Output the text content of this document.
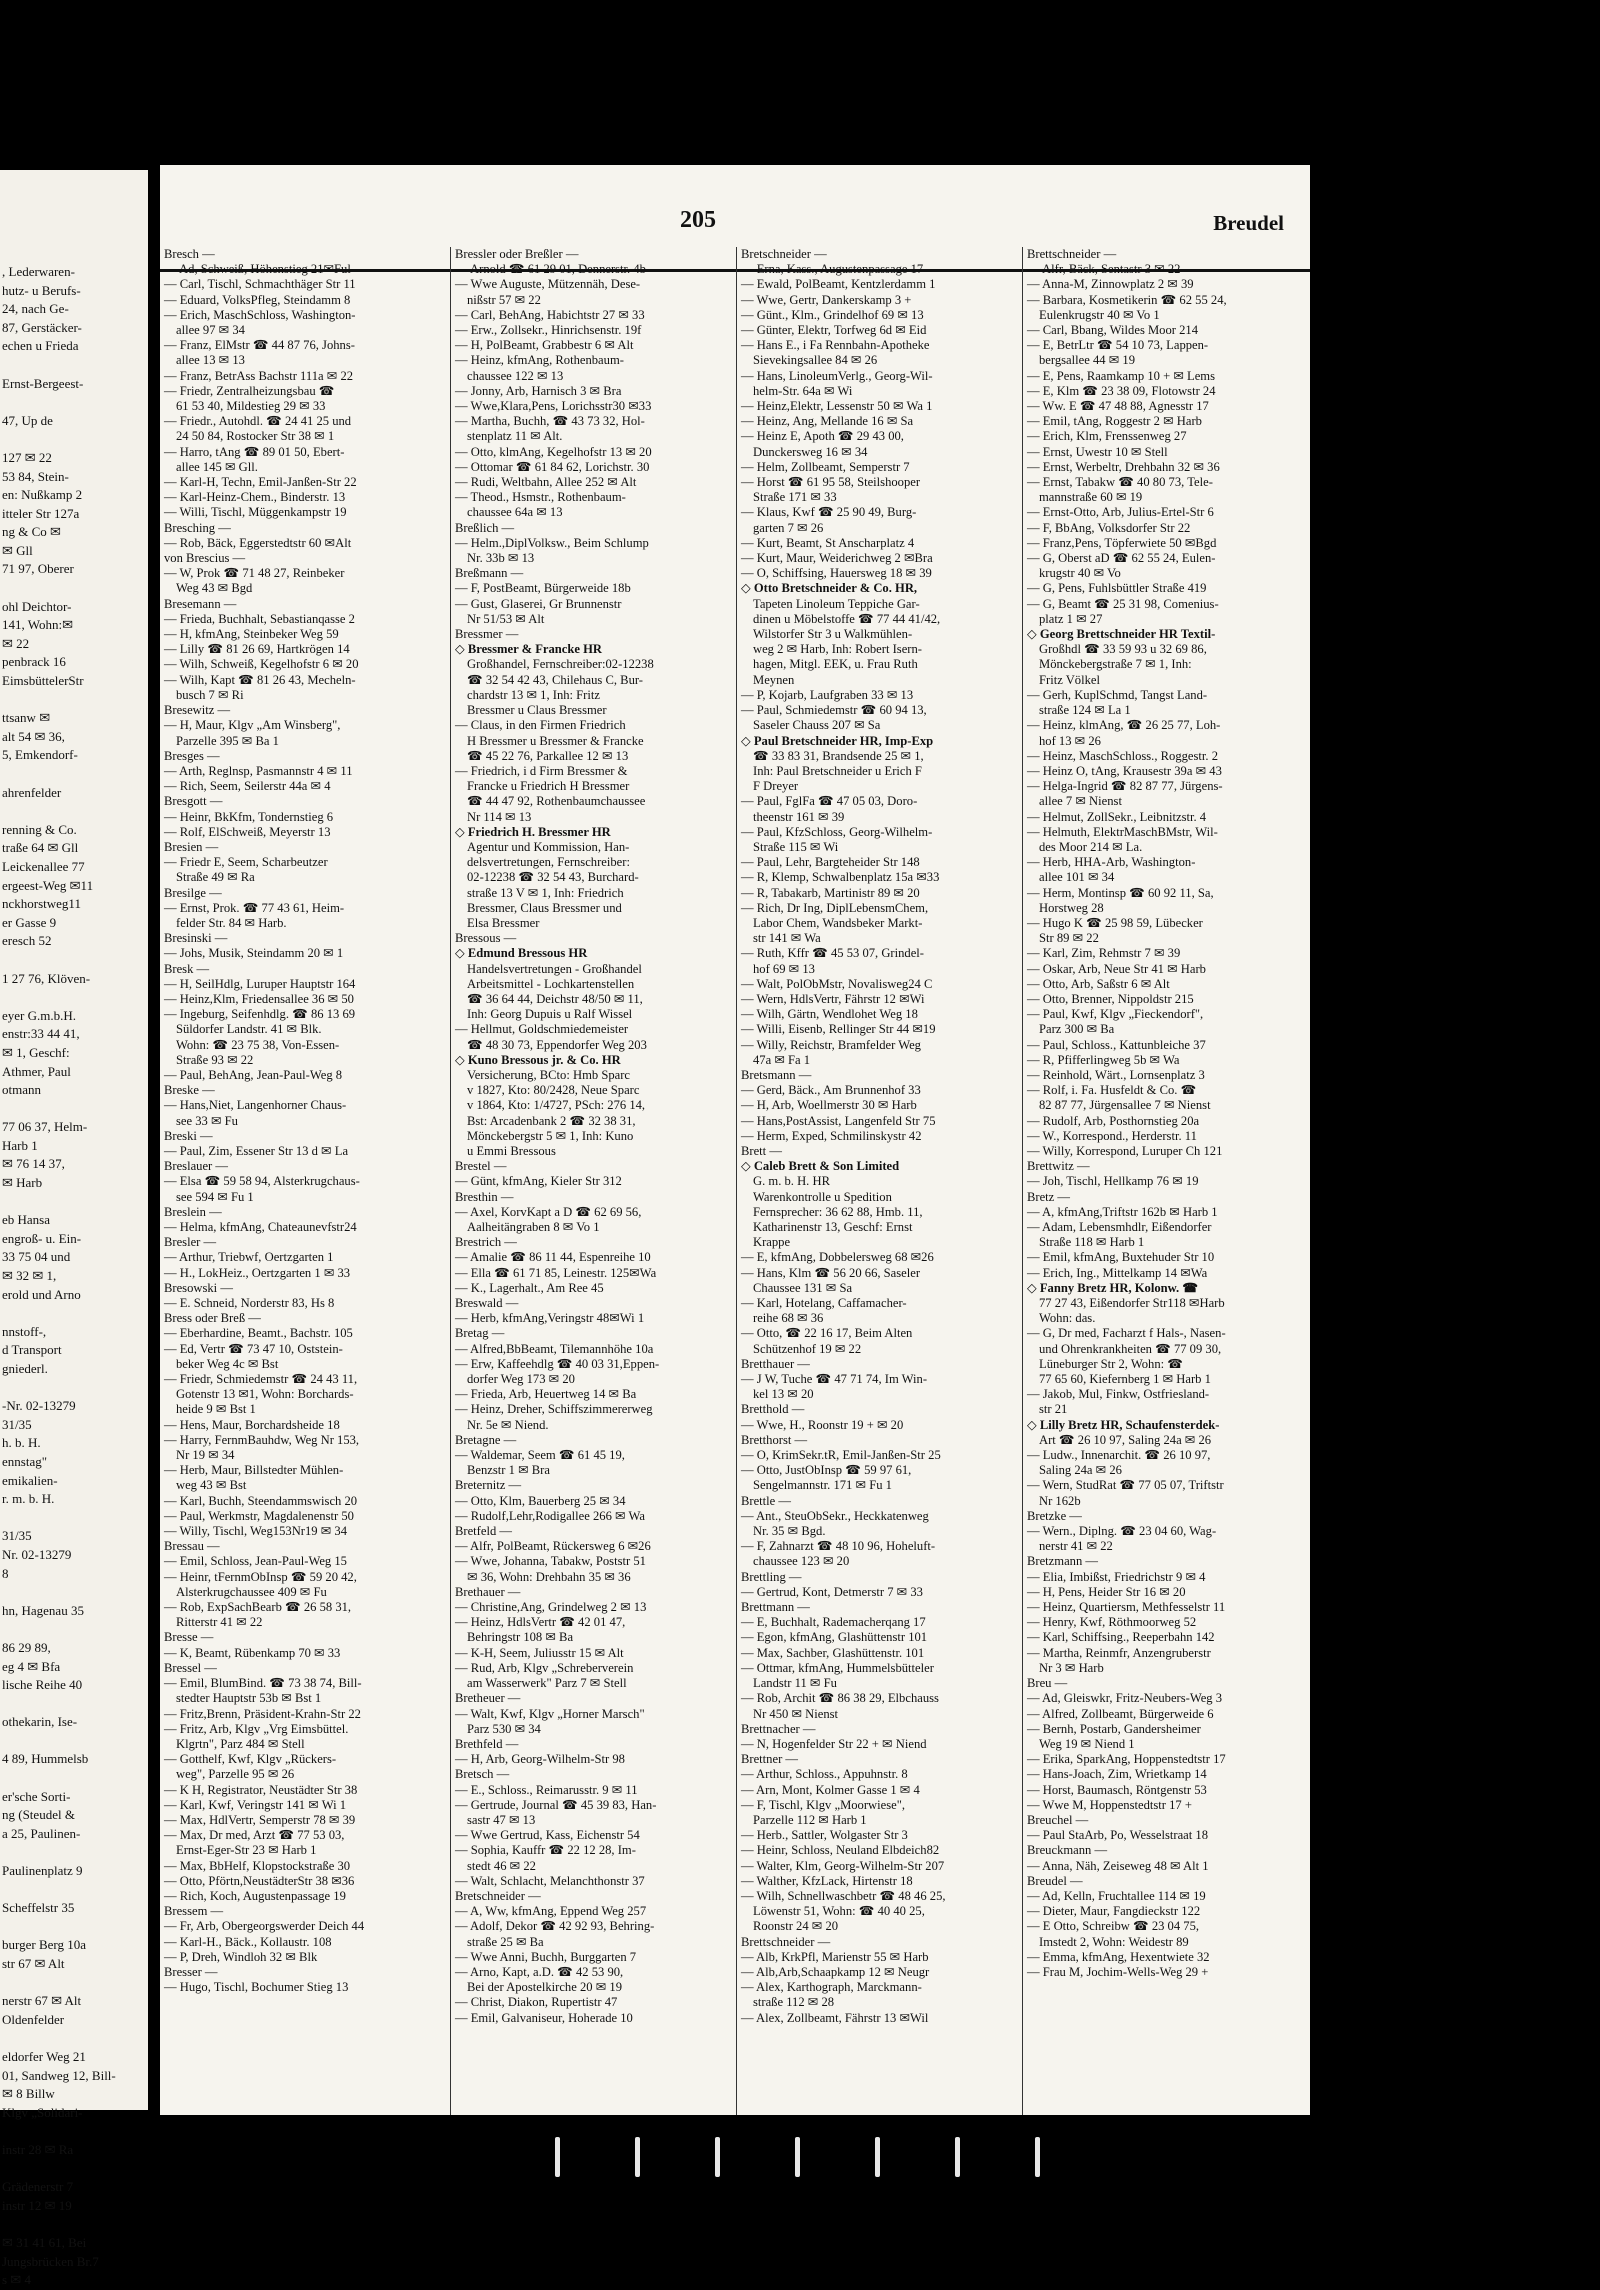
, Lederwaren-
hutz- u Berufs-
24, nach Ge-
87, Gerstäcker-
echen u Frieda

Ernst-Bergeest-

47, Up de

127 ✉ 22
53 84, Stein-
en: Nußkamp 2
itteler Str 127a
ng & Co ✉
✉ Gll
71 97, Oberer

ohl Deichtor-
141, Wohn:✉
✉ 22
penbrack 16
EimsbüttelerStr

ttsanw ✉
alt 54 ✉ 36,
5, Emkendorf-

ahrenfelder

renning & Co.
traße 64 ✉ Gll
Leickenallee 77
ergeest-Weg ✉11
nckhorstweg11
er Gasse 9
eresch 52

1 27 76, Klöven-

eyer G.m.b.H.
enstr:33 44 41,
✉ 1, Geschf:
Athmer, Paul
otmann

77 06 37, Helm-
Harb 1
✉ 76 14 37,
✉ Harb

eb Hansa
engroß- u. Ein-
33 75 04 und
✉ 32 ✉ 1,
erold und Arno

nnstoff-,
d Transport
gniederl.

-Nr. 02-13279
31/35
h. b. H.
ennstag"
emikalien-
r. m. b. H.

31/35
Nr. 02-13279
8

hn, Hagenau 35

86 29 89,
eg 4 ✉ Bfa
lische Reihe 40

othekarin, Ise-

4 89, Hummelsb

er'sche Sorti-
ng (Steudel &
a 25, Paulinen-

Paulinenplatz 9

Scheffelstr 35

burger Berg 10a
str 67 ✉ Alt

nerstr 67 ✉ Alt
Oldenfelder

eldorfer Weg 21
01, Sandweg 12, Bill-
✉ 8 Billw
Klgv „Solidari-

instr 28 ✉ Ra

Grädenerstr 7
instr 12 ✉ 19

✉ 31 41 61, Bei
Jungsbrücken Br.7
s ✉ 4
205	Breudel
Bresch —
— Ad, Schweiß, Höhenstieg 21✉Ful
— Carl, Tischl, Schmachthäger Str 11
— Eduard, VolksPfleg, Steindamm 8
— Erich, MaschSchloss, Washington-
allee 97 ✉ 34
— Franz, ElMstr ☎ 44 87 76, Johns-
allee 13 ✉ 13
— Franz, BetrAss Bachstr 111a ✉ 22
— Friedr, Zentralheizungsbau ☎
61 53 40, Mildestieg 29 ✉ 33
— Friedr., Autohdl. ☎ 24 41 25 und
24 50 84, Rostocker Str 38 ✉ 1
— Harro, tAng ☎ 89 01 50, Ebert-
allee 145 ✉ Gll.
— Karl-H, Techn, Emil-Janßen-Str 22
— Karl-Heinz-Chem., Binderstr. 13
— Willi, Tischl, Müggenkampstr 19
Bresching —
— Rob, Bäck, Eggerstedtstr 60 ✉Alt
von Brescius —
— W, Prok ☎ 71 48 27, Reinbeker
Weg 43 ✉ Bgd
Bresemann —
— Frieda, Buchhalt, Sebastianqasse 2
— H, kfmAng, Steinbeker Weg 59
— Lilly ☎ 81 26 69, Hartkrögen 14
— Wilh, Schweiß, Kegelhofstr 6 ✉ 20
— Wilh, Kapt ☎ 81 26 43, Mecheln-
busch 7 ✉ Ri
Bresewitz —
— H, Maur, Klgv „Am Winsberg",
Parzelle 395 ✉ Ba 1
Bresges —
— Arth, Reglnsp, Pasmannstr 4 ✉ 11
— Rich, Seem, Seilerstr 44a ✉ 4
Bresgott —
— Heinr, BkKfm, Tondernstieg 6
— Rolf, ElSchweiß, Meyerstr 13
Bresien —
— Friedr E, Seem, Scharbeutzer
Straße 49 ✉ Ra
Bresilge —
— Ernst, Prok. ☎ 77 43 61, Heim-
felder Str. 84 ✉ Harb.
Bresinski —
— Johs, Musik, Steindamm 20 ✉ 1
Bresk —
— H, SeilHdlg, Luruper Hauptstr 164
— Heinz,Klm, Friedensallee 36 ✉ 50
— Ingeburg, Seifenhdlg. ☎ 86 13 69
Süldorfer Landstr. 41 ✉ Blk.
Wohn: ☎ 23 75 38, Von-Essen-
Straße 93 ✉ 22
— Paul, BehAng, Jean-Paul-Weg 8
Breske —
— Hans,Niet, Langenhorner Chaus-
see 33 ✉ Fu
Breski —
— Paul, Zim, Essener Str 13 d ✉ La
Breslauer —
— Elsa ☎ 59 58 94, Alsterkrugchaus-
see 594 ✉ Fu 1
Breslein —
— Helma, kfmAng, Chateaunevfstr24
Bresler —
— Arthur, Triebwf, Oertzgarten 1
— H., LokHeiz., Oertzgarten 1 ✉ 33
Bresowski —
— E. Schneid, Norderstr 83, Hs 8
Bress oder Breß —
— Eberhardine, Beamt., Bachstr. 105
— Ed, Vertr ☎ 73 47 10, Oststein-
beker Weg 4c ✉ Bst
— Friedr, Schmiedemstr ☎ 24 43 11,
Gotenstr 13 ✉1, Wohn: Borchards-
heide 9 ✉ Bst 1
— Hens, Maur, Borchardsheide 18
— Harry, FernmBauhdw, Weg Nr 153,
Nr 19 ✉ 34
— Herb, Maur, Billstedter Mühlen-
weg 43 ✉ Bst
— Karl, Buchh, Steendammswisch 20
— Paul, Werkmstr, Magdalenenstr 50
— Willy, Tischl, Weg153Nr19 ✉ 34
Bressau —
— Emil, Schloss, Jean-Paul-Weg 15
— Heinr, tFernmObInsp ☎ 59 20 42,
Alsterkrugchaussee 409 ✉ Fu
— Rob, ExpSachBearb ☎ 26 58 31,
Ritterstr 41 ✉ 22
Bresse —
— K, Beamt, Rübenkamp 70 ✉ 33
Bressel —
— Emil, BlumBind. ☎ 73 38 74, Bill-
stedter Hauptstr 53b ✉ Bst 1
— Fritz,Brenn, Präsident-Krahn-Str 22
— Fritz, Arb, Klgv „Vrg Eimsbüttel.
Klgrtn", Parz 484 ✉ Stell
— Gotthelf, Kwf, Klgv „Rückers-
weg", Parzelle 95 ✉ 26
— K H, Registrator, Neustädter Str 38
— Karl, Kwf, Veringstr 141 ✉ Wi 1
— Max, HdlVertr, Semperstr 78 ✉ 39
— Max, Dr med, Arzt ☎ 77 53 03,
Ernst-Eger-Str 23 ✉ Harb 1
— Max, BbHelf, Klopstockstraße 30
— Otto, Pförtn,NeustädterStr 38 ✉36
— Rich, Koch, Augustenpassage 19
Bressem —
— Fr, Arb, Obergeorgswerder Deich 44
— Karl-H., Bäck., Kollaustr. 108
— P, Dreh, Windloh 32 ✉ Blk
Bresser —
— Hugo, Tischl, Bochumer Stieg 13
Bressler oder Breßler —
— Arnold ☎ 61 29 01, Dennerstr. 4b
— Wwe Auguste, Mützennäh, Dese-
nißstr 57 ✉ 22
— Carl, BehAng, Habichtstr 27 ✉ 33
— Erw., Zollsekr., Hinrichsenstr. 19f
— H, PolBeamt, Grabbestr 6 ✉ Alt
— Heinz, kfmAng, Rothenbaum-
chaussee 122 ✉ 13
— Jonny, Arb, Harnisch 3 ✉ Bra
— Wwe,Klara,Pens, Lorichsstr30 ✉33
— Martha, Buchh, ☎ 43 73 32, Hol-
stenplatz 11 ✉ Alt.
— Otto, klmAng, Kegelhofstr 13 ✉ 20
— Ottomar ☎ 61 84 62, Lorichstr. 30
— Rudi, Weltbahn, Allee 252 ✉ Alt
— Theod., Hsmstr., Rothenbaum-
chaussee 64a ✉ 13
Breßlich —
— Helm.,DiplVolksw., Beim Schlump
Nr. 33b ✉ 13
Breßmann —
— F, PostBeamt, Bürgerweide 18b
— Gust, Glaserei, Gr Brunnenstr
Nr 51/53 ✉ Alt
Bressmer —
◇ Bressmer & Francke HR
Großhandel, Fernschreiber:02-12238
☎ 32 54 42 43, Chilehaus C, Bur-
chardstr 13 ✉ 1, Inh: Fritz
Bressmer u Claus Bressmer
— Claus, in den Firmen Friedrich
H Bressmer u Bressmer & Francke
☎ 45 22 76, Parkallee 12 ✉ 13
— Friedrich, i d Firm Bressmer &
Francke u Friedrich H Bressmer
☎ 44 47 92, Rothenbaumchaussee
Nr 114 ✉ 13
◇ Friedrich H. Bressmer HR
Agentur und Kommission, Han-
delsvertretungen, Fernschreiber:
02-12238 ☎ 32 54 43, Burchard-
straße 13 V ✉ 1, Inh: Friedrich
Bressmer, Claus Bressmer und
Elsa Bressmer
Bressous —
◇ Edmund Bressous HR
Handelsvertretungen - Großhandel
Arbeitsmittel - Lochkartenstellen
☎ 36 64 44, Deichstr 48/50 ✉ 11,
Inh: Georg Dupuis u Ralf Wissel
— Hellmut, Goldschmiedemeister
☎ 48 30 73, Eppendorfer Weg 203
◇ Kuno Bressous jr. & Co. HR
Versicherung, BCto: Hmb Sparc
v 1827, Kto: 80/2428, Neue Sparc
v 1864, Kto: 1/4727, PSch: 276 14,
Bst: Arcadenbank 2 ☎ 32 38 31,
Mönckebergstr 5 ✉ 1, Inh: Kuno
u Emmi Bressous
Brestel —
— Günt, kfmAng, Kieler Str 312
Bresthin —
— Axel, KorvKapt a D ☎ 62 69 56,
Aalheitängraben 8 ✉ Vo 1
Brestrich —
— Amalie ☎ 86 11 44, Espenreihe 10
— Ella ☎ 61 71 85, Leinestr. 125✉Wa
— K., Lagerhalt., Am Ree 45
Breswald —
— Herb, kfmAng,Veringstr 48✉Wi 1
Bretag —
— Alfred,BbBeamt, Tilemannhöhe 10a
— Erw, Kaffeehdlg ☎ 40 03 31,Eppen-
dorfer Weg 173 ✉ 20
— Frieda, Arb, Heuertweg 14 ✉ Ba
— Heinz, Dreher, Schiffszimmererweg
Nr. 5e ✉ Niend.
Bretagne —
— Waldemar, Seem ☎ 61 45 19,
Benzstr 1 ✉ Bra
Breternitz —
— Otto, Klm, Bauerberg 25 ✉ 34
— Rudolf,Lehr,Rodigallee 266 ✉ Wa
Bretfeld —
— Alfr, PolBeamt, Rückersweg 6 ✉26
— Wwe, Johanna, Tabakw, Poststr 51
✉ 36, Wohn: Drehbahn 35 ✉ 36
Brethauer —
— Christine,Ang, Grindelweg 2 ✉ 13
— Heinz, HdlsVertr ☎ 42 01 47,
Behringstr 108 ✉ Ba
— K-H, Seem, Juliusstr 15 ✉ Alt
— Rud, Arb, Klgv „Schreberverein
am Wasserwerk" Parz 7 ✉ Stell
Bretheuer —
— Walt, Kwf, Klgv „Horner Marsch"
Parz 530 ✉ 34
Brethfeld —
— H, Arb, Georg-Wilhelm-Str 98
Bretsch —
— E., Schloss., Reimarusstr. 9 ✉ 11
— Gertrude, Journal ☎ 45 39 83, Han-
sastr 47 ✉ 13
— Wwe Gertrud, Kass, Eichenstr 54
— Sophia, Kauffr ☎ 22 12 28, Im-
stedt 46 ✉ 22
— Walt, Schlacht, Melanchthonstr 37
Bretschneider —
— A, Ww, kfmAng, Eppend Weg 257
— Adolf, Dekor ☎ 42 92 93, Behring-
straße 25 ✉ Ba
— Wwe Anni, Buchh, Burggarten 7
— Arno, Kapt, a.D. ☎ 42 53 90,
Bei der Apostelkirche 20 ✉ 19
— Christ, Diakon, Rupertistr 47
— Emil, Galvaniseur, Hoherade 10
Bretschneider —
— Erna, Kass., Augustenpassage 17
— Ewald, PolBeamt, Kentzlerdamm 1
— Wwe, Gertr, Dankerskamp 3 +
— Günt., Klm., Grindelhof 69 ✉ 13
— Günter, Elektr, Torfweg 6d ✉ Eid
— Hans E., i Fa Rennbahn-Apotheke
Sievekingsallee 84 ✉ 26
— Hans, LinoleumVerlg., Georg-Wil-
helm-Str. 64a ✉ Wi
— Heinz,Elektr, Lessenstr 50 ✉ Wa 1
— Heinz, Ang, Mellande 16 ✉ Sa
— Heinz E, Apoth ☎ 29 43 00,
Dunckersweg 16 ✉ 34
— Helm, Zollbeamt, Semperstr 7
— Horst ☎ 61 95 58, Steilshooper
Straße 171 ✉ 33
— Klaus, Kwf ☎ 25 90 49, Burg-
garten 7 ✉ 26
— Kurt, Beamt, St Anscharplatz 4
— Kurt, Maur, Weiderichweg 2 ✉Bra
— O, Schiffsing, Hauersweg 18 ✉ 39
◇ Otto Bretschneider & Co. HR,
Tapeten Linoleum Teppiche Gar-
dinen u Möbelstoffe ☎ 77 44 41/42,
Wilstorfer Str 3 u Walkmühlen-
weg 2 ✉ Harb, Inh: Robert Isern-
hagen, Mitgl. EEK, u. Frau Ruth
Meynen
— P, Kojarb, Laufgraben 33 ✉ 13
— Paul, Schmiedemstr ☎ 60 94 13,
Saseler Chauss 207 ✉ Sa
◇ Paul Bretschneider HR, Imp-Exp
☎ 33 83 31, Brandsende 25 ✉ 1,
Inh: Paul Bretschneider u Erich F
F Dreyer
— Paul, FglFa ☎ 47 05 03, Doro-
theenstr 161 ✉ 39
— Paul, KfzSchloss, Georg-Wilhelm-
Straße 115 ✉ Wi
— Paul, Lehr, Bargteheider Str 148
— R, Klemp, Schwalbenplatz 15a ✉33
— R, Tabakarb, Martinistr 89 ✉ 20
— Rich, Dr Ing, DiplLebensmChem,
Labor Chem, Wandsbeker Markt-
str 141 ✉ Wa
— Ruth, Kffr ☎ 45 53 07, Grindel-
hof 69 ✉ 13
— Walt, PolObMstr, Novalisweg24 C
— Wern, HdlsVertr, Fährstr 12 ✉Wi
— Wilh, Gärtn, Wendlohet Weg 18
— Willi, Eisenb, Rellinger Str 44 ✉19
— Willy, Reichstr, Bramfelder Weg
47a ✉ Fa 1
Bretsmann —
— Gerd, Bäck., Am Brunnenhof 33
— H, Arb, Woellmerstr 30 ✉ Harb
— Hans,PostAssist, Langenfeld Str 75
— Herm, Exped, Schmilinskystr 42
Brett —
◇ Caleb Brett & Son Limited
G. m. b. H. HR
Warenkontrolle u Spedition
Fernsprecher: 36 62 88, Hmb. 11,
Katharinenstr 13, Geschf: Ernst
Krappe
— E, kfmAng, Dobbelersweg 68 ✉26
— Hans, Klm ☎ 56 20 66, Saseler
Chaussee 131 ✉ Sa
— Karl, Hotelang, Caffamacher-
reihe 68 ✉ 36
— Otto, ☎ 22 16 17, Beim Alten
Schützenhof 19 ✉ 22
Bretthauer —
— J W, Tuche ☎ 47 71 74, Im Win-
kel 13 ✉ 20
Bretthold —
— Wwe, H., Roonstr 19 + ✉ 20
Bretthorst —
— O, KrimSekr.tR, Emil-Janßen-Str 25
— Otto, JustObInsp ☎ 59 97 61,
Sengelmannstr. 171 ✉ Fu 1
Brettle —
— Ant., SteuObSekr., Heckkatenweg
Nr. 35 ✉ Bgd.
— F, Zahnarzt ☎ 48 10 96, Hoheluft-
chaussee 123 ✉ 20
Brettling —
— Gertrud, Kont, Detmerstr 7 ✉ 33
Brettmann —
— E, Buchhalt, Rademacherqang 17
— Egon, kfmAng, Glashüttenstr 101
— Max, Sachber, Glashüttenstr. 101
— Ottmar, kfmAng, Hummelsbütteler
Landstr 11 ✉ Fu
— Rob, Archit ☎ 86 38 29, Elbchauss
Nr 450 ✉ Nienst
Brettnacher —
— N, Hogenfelder Str 22 + ✉ Niend
Brettner —
— Arthur, Schloss., Appuhnstr. 8
— Arn, Mont, Kolmer Gasse 1 ✉ 4
— F, Tischl, Klgv „Moorwiese",
Parzelle 112 ✉ Harb 1
— Herb., Sattler, Wolgaster Str 3
— Heinr, Schloss, Neuland Elbdeich82
— Walter, Klm, Georg-Wilhelm-Str 207
— Walther, KfzLack, Hirtenstr 18
— Wilh, Schnellwaschbetr ☎ 48 46 25,
Löwenstr 51, Wohn: ☎ 40 40 25,
Roonstr 24 ✉ 20
Brettschneider —
— Alb, KrkPfl, Marienstr 55 ✉ Harb
— Alb,Arb,Schaapkamp 12 ✉ Neugr
— Alex, Karthograph, Marckmann-
straße 112 ✉ 28
— Alex, Zollbeamt, Fährstr 13 ✉Wil
Brettschneider —
— Alfr, Bäck, Sentastr 3 ✉ 22
— Anna-M, Zinnowplatz 2 ✉ 39
— Barbara, Kosmetikerin ☎ 62 55 24,
Eulenkrugstr 40 ✉ Vo 1
— Carl, Bbang, Wildes Moor 214
— E, BetrLtr ☎ 54 10 73, Lappen-
bergsallee 44 ✉ 19
— E, Pens, Raamkamp 10 + ✉ Lems
— E, Klm ☎ 23 38 09, Flotowstr 24
— Ww. E ☎ 47 48 88, Agnesstr 17
— Emil, tAng, Roggestr 2 ✉ Harb
— Erich, Klm, Frenssenweg 27
— Ernst, Uwestr 10 ✉ Stell
— Ernst, Werbeltr, Drehbahn 32 ✉ 36
— Ernst, Tabakw ☎ 40 80 73, Tele-
mannstraße 60 ✉ 19
— Ernst-Otto, Arb, Julius-Ertel-Str 6
— F, BbAng, Volksdorfer Str 22
— Franz,Pens, Töpferwiete 50 ✉Bgd
— G, Oberst aD ☎ 62 55 24, Eulen-
krugstr 40 ✉ Vo
— G, Pens, Fuhlsbüttler Straße 419
— G, Beamt ☎ 25 31 98, Comenius-
platz 1 ✉ 27
◇ Georg Brettschneider HR Textil-
Großhdl ☎ 33 59 93 u 32 69 86,
Mönckebergstraße 7 ✉ 1, Inh:
Fritz Völkel
— Gerh, KuplSchmd, Tangst Land-
straße 124 ✉ La 1
— Heinz, klmAng, ☎ 26 25 77, Loh-
hof 13 ✉ 26
— Heinz, MaschSchloss., Roggestr. 2
— Heinz O, tAng, Krausestr 39a ✉ 43
— Helga-Ingrid ☎ 82 87 77, Jürgens-
allee 7 ✉ Nienst
— Helmut, ZollSekr., Leibnitzstr. 4
— Helmuth, ElektrMaschBMstr, Wil-
des Moor 214 ✉ La.
— Herb, HHA-Arb, Washington-
allee 101 ✉ 34
— Herm, Montinsp ☎ 60 92 11, Sa,
Horstweg 28
— Hugo K ☎ 25 98 59, Lübecker
Str 89 ✉ 22
— Karl, Zim, Rehmstr 7 ✉ 39
— Oskar, Arb, Neue Str 41 ✉ Harb
— Otto, Arb, Saßstr 6 ✉ Alt
— Otto, Brenner, Nippoldstr 215
— Paul, Kwf, Klgv „Fieckendorf",
Parz 300 ✉ Ba
— Paul, Schloss., Kattunbleiche 37
— R, Pfifferlingweg 5b ✉ Wa
— Reinhold, Wärt., Lornsenplatz 3
— Rolf, i. Fa. Husfeldt & Co. ☎
82 87 77, Jürgensallee 7 ✉ Nienst
— Rudolf, Arb, Posthornstieg 20a
— W., Korrespond., Herderstr. 11
— Willy, Korrespond, Luruper Ch 121
Brettwitz —
— Joh, Tischl, Hellkamp 76 ✉ 19
Bretz —
— A, kfmAng,Triftstr 162b ✉ Harb 1
— Adam, Lebensmhdlr, Eißendorfer
Straße 118 ✉ Harb 1
— Emil, kfmAng, Buxtehuder Str 10
— Erich, Ing., Mittelkamp 14 ✉Wa
◇ Fanny Bretz HR, Kolonw. ☎
77 27 43, Eißendorfer Str118 ✉Harb
Wohn: das.
— G, Dr med, Facharzt f Hals-, Nasen-
und Ohrenkrankheiten ☎ 77 09 30,
Lüneburger Str 2, Wohn: ☎
77 65 60, Kiefernberg 1 ✉ Harb 1
— Jakob, Mul, Finkw, Ostfriesland-
str 21
◇ Lilly Bretz HR, Schaufensterdek-
Art ☎ 26 10 97, Saling 24a ✉ 26
— Ludw., Innenarchit. ☎ 26 10 97,
Saling 24a ✉ 26
— Wern, StudRat ☎ 77 05 07, Triftstr
Nr 162b
Bretzke —
— Wern., Diplng. ☎ 23 04 60, Wag-
nerstr 41 ✉ 22
Bretzmann —
— Elia, Imbißst, Friedrichstr 9 ✉ 4
— H, Pens, Heider Str 16 ✉ 20
— Heinz, Quartiersm, Methfesselstr 11
— Henry, Kwf, Röthmoorweg 52
— Karl, Schiffsing., Reeperbahn 142
— Martha, Reinmfr, Anzengruberstr
Nr 3 ✉ Harb
Breu —
— Ad, Gleiswkr, Fritz-Neubers-Weg 3
— Alfred, Zollbeamt, Bürgerweide 6
— Bernh, Postarb, Gandersheimer
Weg 19 ✉ Niend 1
— Erika, SparkAng, Hoppenstedtstr 17
— Hans-Joach, Zim, Wrietkamp 14
— Horst, Baumasch, Röntgenstr 53
— Wwe M, Hoppenstedtstr 17 +
Breuchel —
— Paul StaArb, Po, Wesselstraat 18
Breuckmann —
— Anna, Näh, Zeiseweg 48 ✉ Alt 1
Breudel —
— Ad, Kelln, Fruchtallee 114 ✉ 19
— Dieter, Maur, Fangdieckstr 122
— E Otto, Schreibw ☎ 23 04 75,
Imstedt 2, Wohn: Weidestr 89
— Emma, kfmAng, Hexentwiete 32
— Frau M, Jochim-Wells-Weg 29 +
